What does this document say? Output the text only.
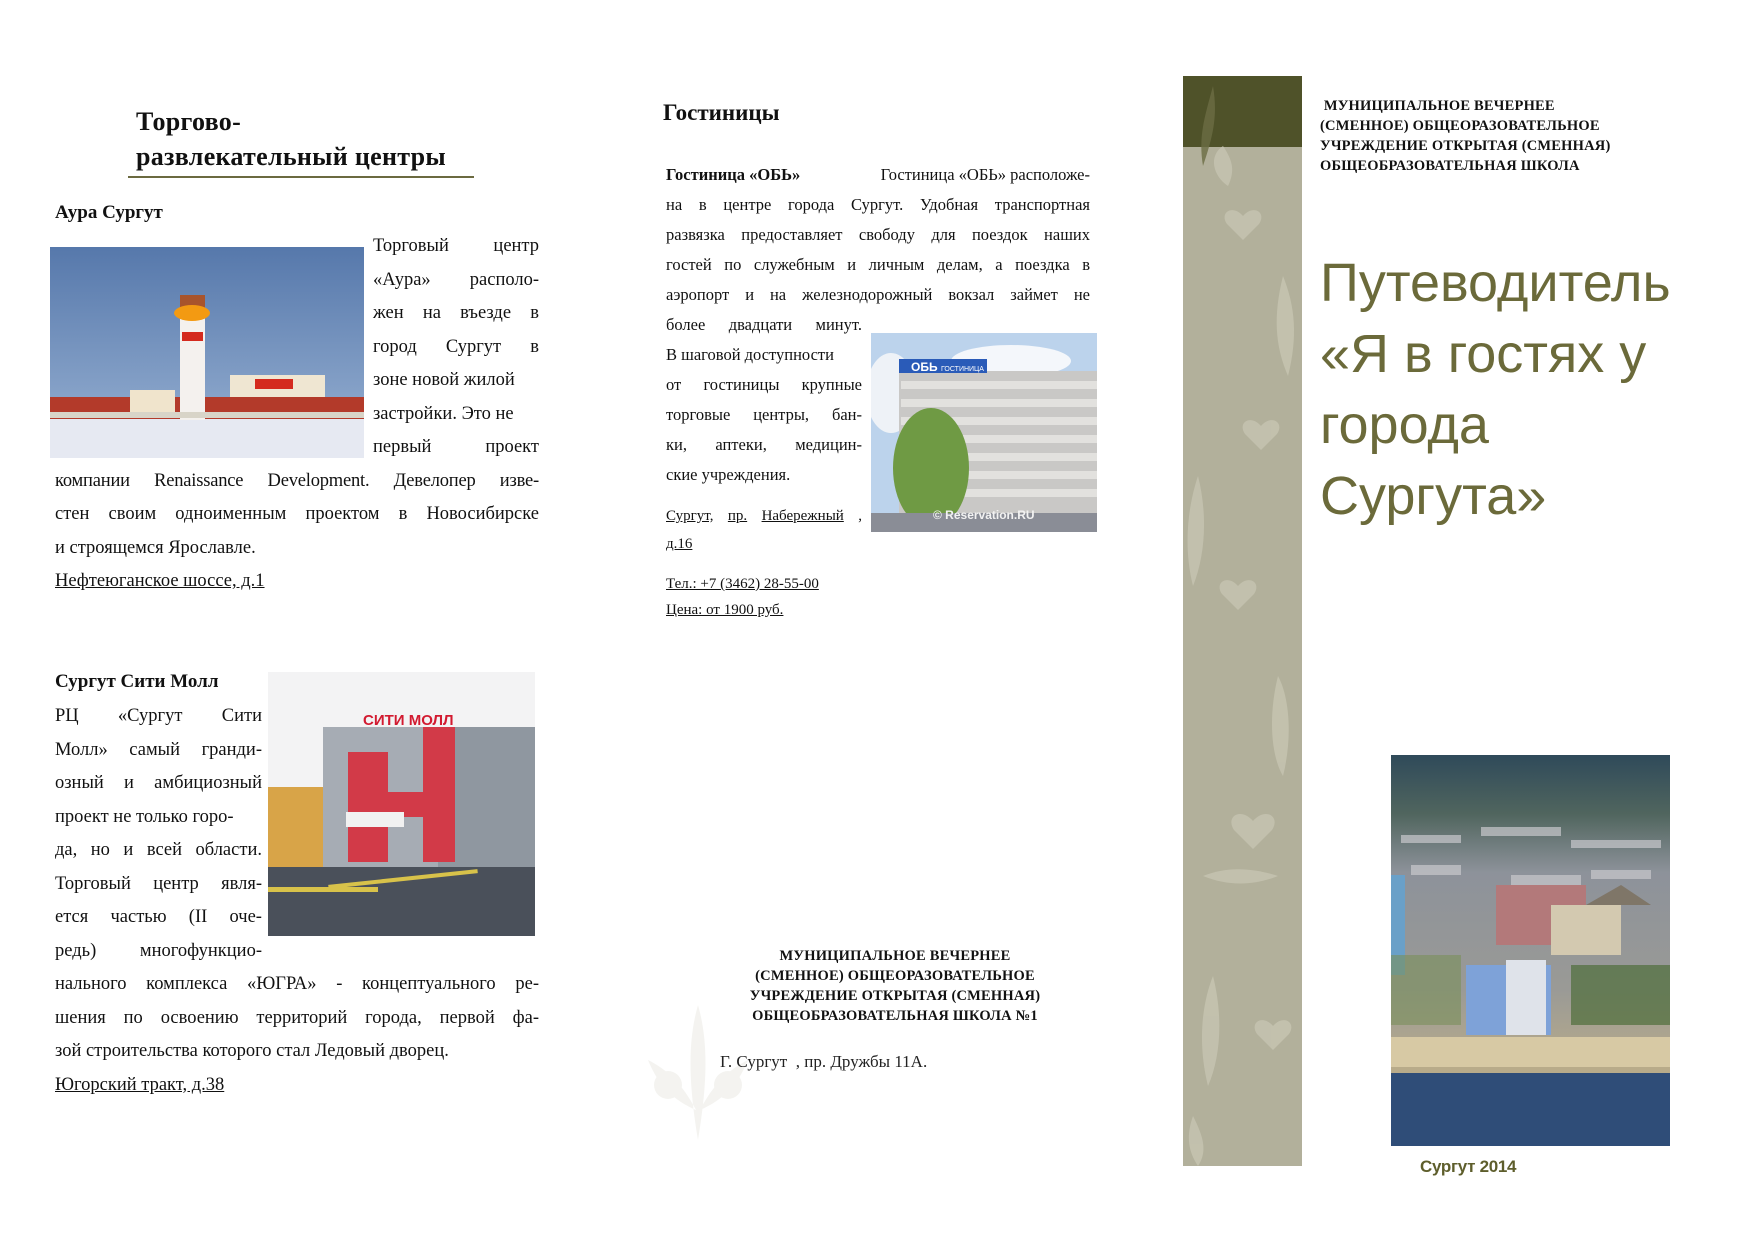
Торгово-
развлекательный центры
Аура Сургут
Торговый центр
«Аура» располо-
жен на въезде в
город Сургут в
зоне новой жилой
застройки. Это не
первый	проект
компании Renaissance Development. Девелопер изве-
стен своим одноименным проектом в Новосибирске
и строящемся Ярославле.
Нефтеюганское шоссе, д.1
Сургут Сити Молл
СИТИ МОЛЛ
РЦ «Сургут Сити
Молл» самый гранди-
озный и амбициозный
проект не только горо-
да, но и всей области.
Торговый центр явля-
ется частью (II оче-
редь) многофункцио-
нального комплекса «ЮГРА» - концептуального ре-
шения по освоению территорий города, первой фа-
зой строительства которого стал Ледовый дворец.
Югорский тракт, д.38
Гостиницы
Гостиница «ОБЬ»	Гостиница «ОБЬ» расположе-
на в центре города Сургут. Удобная транспортная
развязка предоставляет свободу для поездок наших
гостей по служебным и личным делам, а поездка в
аэропорт и на железнодорожный вокзал займет не
более двадцати минут.
В шаговой доступности
от гостиницы крупные
торговые центры, бан-
ки, аптеки, медицин-
ские учреждения.
Сургут, пр. Набережный ,
д.16
Тел.: +7 (3462) 28-55-00
Цена: от 1900 руб.
ОБЬ ГОСТИНИЦА
© Reservation.RU
МУНИЦИПАЛЬНОЕ ВЕЧЕРНЕЕ
(СМЕННОЕ) ОБЩЕОРАЗОВАТЕЛЬНОЕ
УЧРЕЖДЕНИЕ ОТКРЫТАЯ (СМЕННАЯ)
ОБЩЕОБРАЗОВАТЕЛЬНАЯ ШКОЛА №1
Г. Сургут  , пр. Дружбы 11А.
МУНИЦИПАЛЬНОЕ ВЕЧЕРНЕЕ
(СМЕННОЕ) ОБЩЕОРАЗОВАТЕЛЬНОЕ
УЧРЕЖДЕНИЕ ОТКРЫТАЯ (СМЕННАЯ)
ОБЩЕОБРАЗОВАТЕЛЬНАЯ ШКОЛА
Путеводитель
«Я в гостях у
города
Сургута»
Сургут 2014
